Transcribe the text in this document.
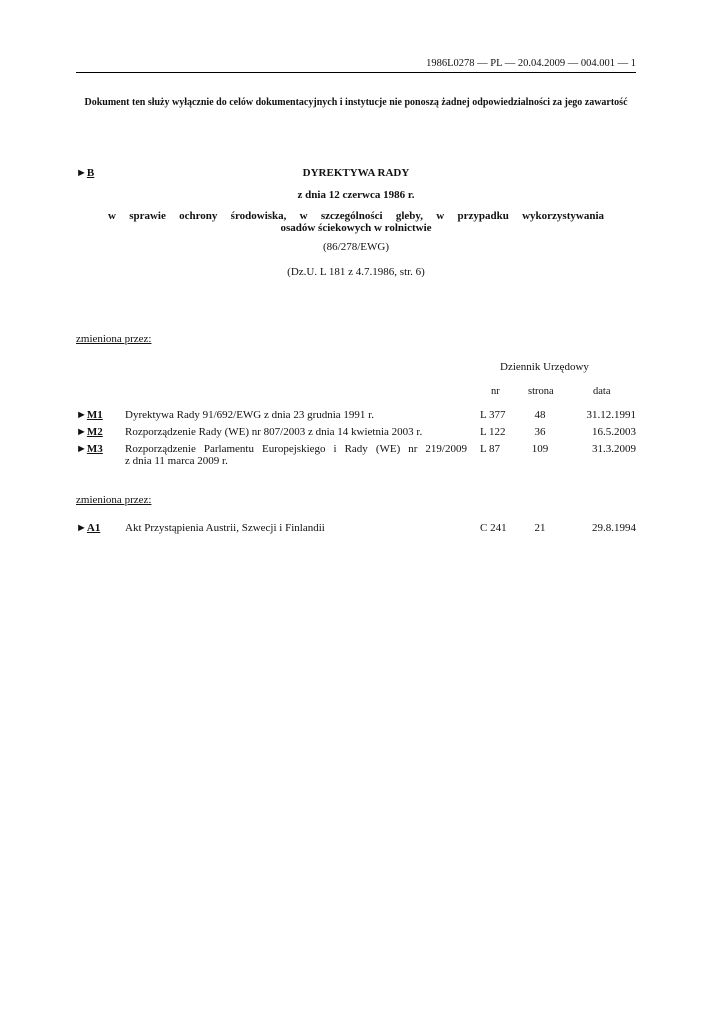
1986L0278 — PL — 20.04.2009 — 004.001 — 1
Dokument ten służy wyłącznie do celów dokumentacyjnych i instytucje nie ponoszą żadnej odpowiedzialności za jego zawartość
►B	DYREKTYWA RADY
z dnia 12 czerwca 1986 r.
w sprawie ochrony środowiska, w szczególności gleby, w przypadku wykorzystywania
osadów ściekowych w rolnictwie
(86/278/EWG)
(Dz.U. L 181 z 4.7.1986, str. 6)
zmieniona przez:
Dziennik Urzędowy
nr	strona	data
►M1 Dyrektywa Rady 91/692/EWG z dnia 23 grudnia 1991 r.	L 377	48	31.12.1991
►M2 Rozporządzenie Rady (WE) nr 807/2003 z dnia 14 kwietnia 2003 r.	L 122	36	16.5.2003
►M3 Rozporządzenie Parlamentu Europejskiego i Rady (WE) nr 219/2009
z dnia 11 marca 2009 r.
L 87	109	31.3.2009
zmieniona przez:
►A1 Akt Przystąpienia Austrii, Szwecji i Finlandii	C 241	21	29.8.1994
